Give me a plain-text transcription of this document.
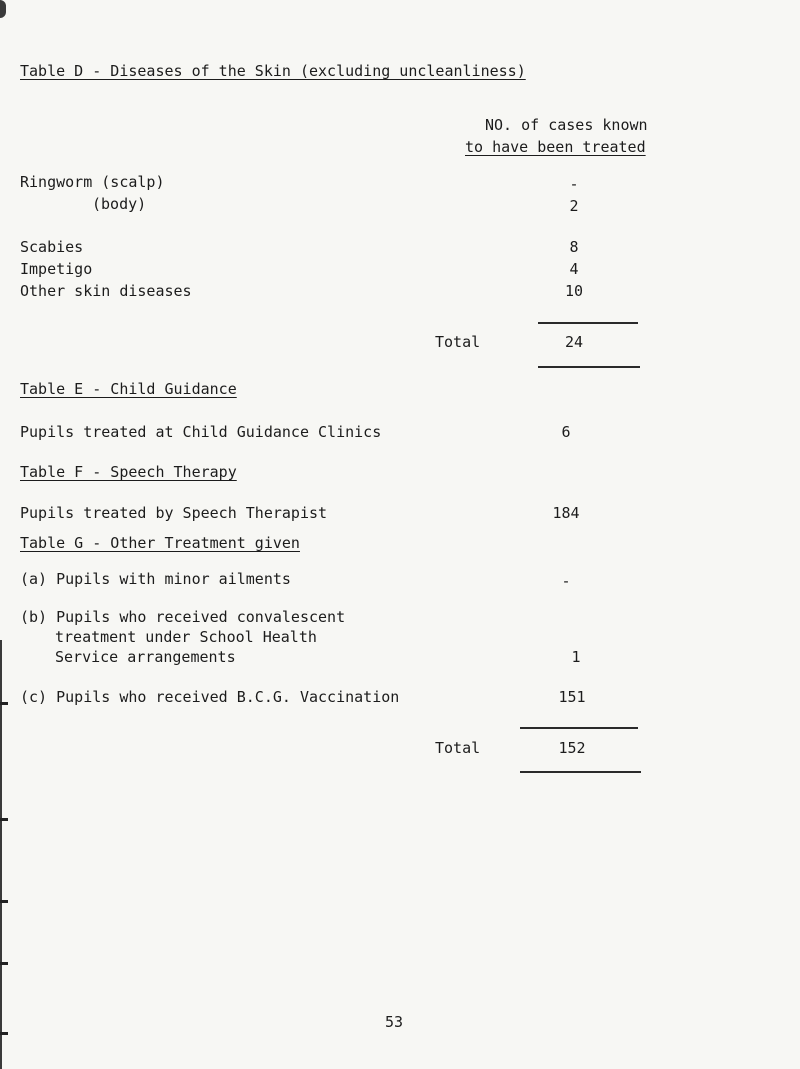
Table D - Diseases of the Skin (excluding uncleanliness)
NO. of cases known
to have been treated
Ringworm (scalp)	-
(body)	2
Scabies	8
Impetigo	4
Other skin diseases	10
Total	24
Table E - Child Guidance
Pupils treated at Child Guidance Clinics	6
Table F - Speech Therapy
Pupils treated by Speech Therapist	184
Table G - Other Treatment given
(a) Pupils with minor ailments	-
(b) Pupils who received convalescent
treatment under School Health
Service arrangements	1
(c) Pupils who received B.C.G. Vaccination	151
Total	152
53
